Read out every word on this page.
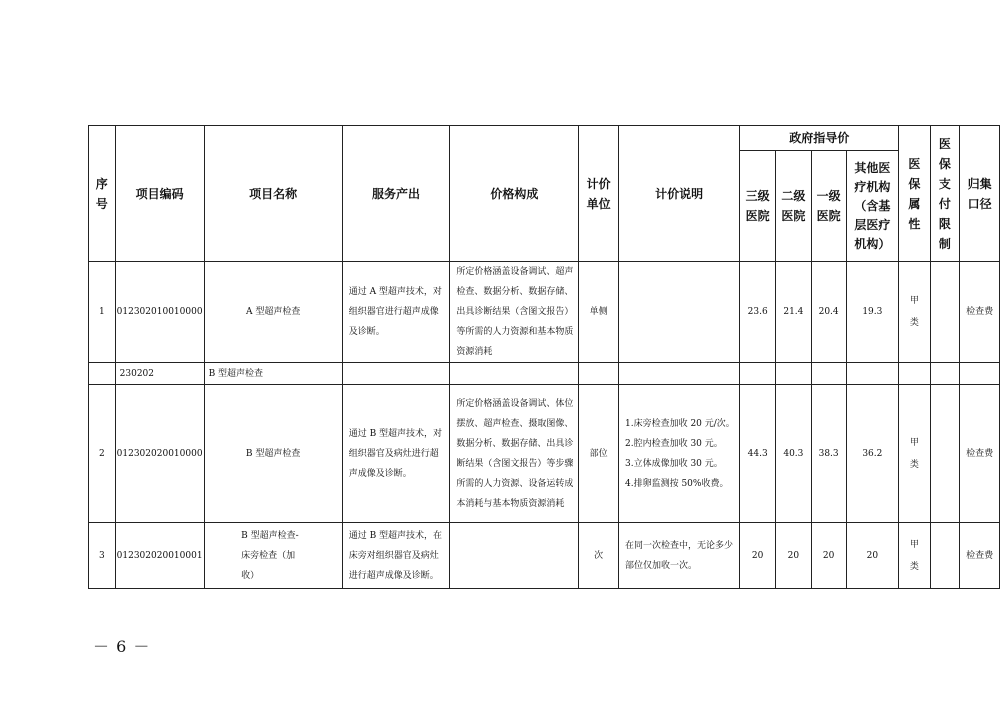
序号	项目编码	项目名称	服务产出	价格构成	计价单位	计价说明	政府指导价				医保属性	医保支付限制	归集口径

							三级医院	二级医院	一级医院	其他医疗机构（含基层医疗机构）			

1	012302010010000	A 型超声检查	通过 A 型超声技术，对组织器官进行超声成像及诊断。	所定价格涵盖设备调试、超声检查、数据分析、数据存储、出具诊断结果（含图文报告）等所需的人力资源和基本物质资源消耗	单侧		23.6	21.4	20.4	19.3	甲类		检查费
	230202	B 型超声检查											
2	012302020010000	B 型超声检查	通过 B 型超声技术，对组织器官及病灶进行超声成像及诊断。	所定价格涵盖设备调试、体位摆放、超声检查、摄取图像、数据分析、数据存储、出具诊断结果（含图文报告）等步骤所需的人力资源、设备运转成本消耗与基本物质资源消耗	部位	1.床旁检查加收 20 元/次。
2.腔内检查加收 30 元。
3.立体成像加收 30 元。
4.排卵监测按 50%收费。	44.3	40.3	38.3	36.2	甲类		检查费
3	012302020010001	B 型超声检查-床旁检查（加收）	通过 B 型超声技术，在床旁对组织器官及病灶进行超声成像及诊断。		次	在同一次检查中，无论多少部位仅加收一次。	20	20	20	20	甲类		检查费
－ 6 －
